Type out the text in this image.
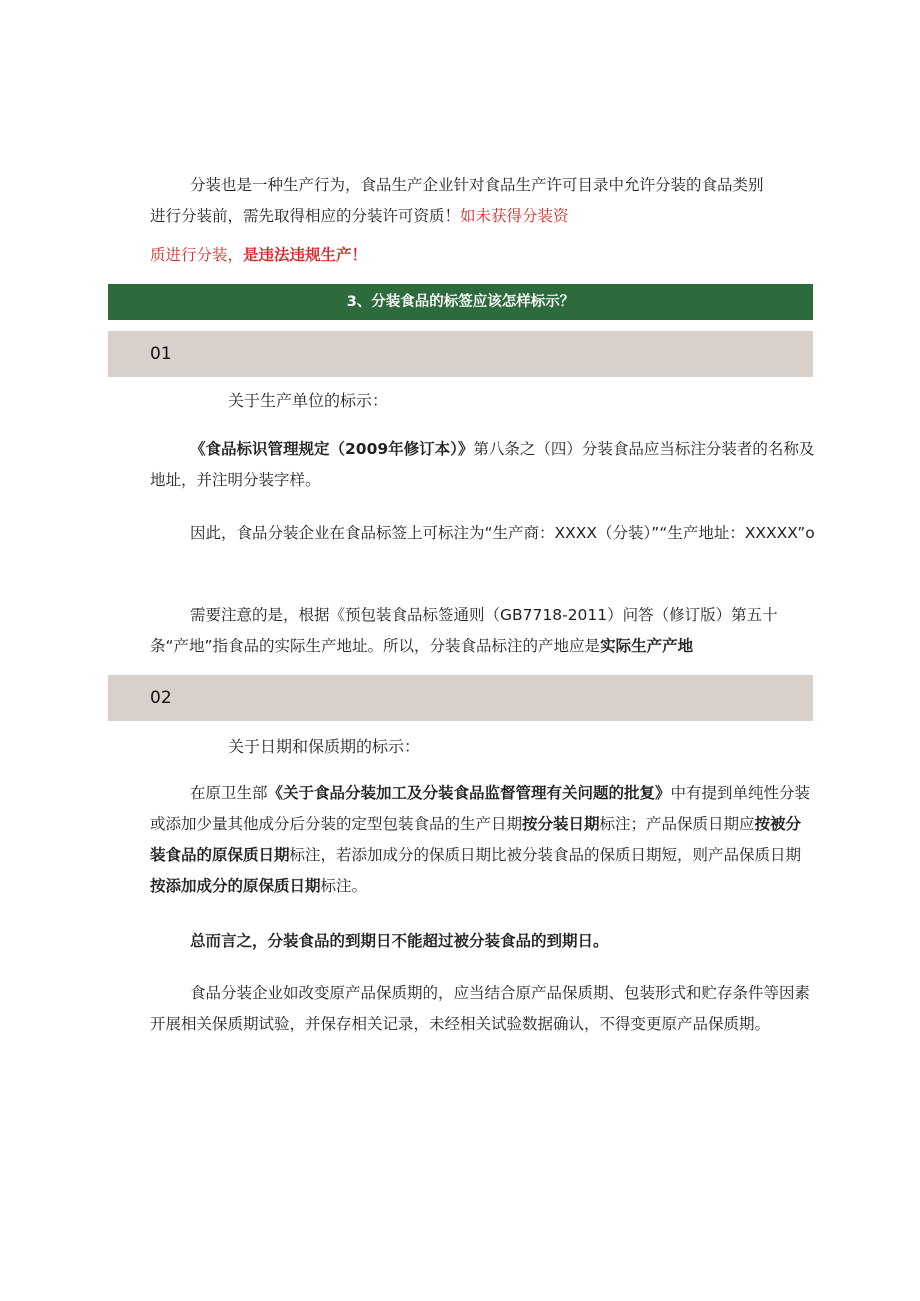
分装也是一种生产行为，食品生产企业针对食品生产许可目录中允许分装的食品类别
进行分装前，需先取得相应的分装许可资质！如未获得分装资

质进行分装，是违法违规生产！

3、分装食品的标签应该怎样标示？
01
关于生产单位的标示：

《食品标识管理规定（2009年修订本）》第八条之（四）分装食品应当标注分装者的名称及地址，并注明分装字样。

因此，食品分装企业在食品标签上可标注为“生产商：XXXX（分装）”“生产地址：XXXXX”o

需要注意的是，根据《预包装食品标签通则（GB7718-2011）问答（修订版）第五十条“产地”指食品的实际生产地址。所以，分装食品标注的产地应是实际生产产地

02
关于日期和保质期的标示：

在原卫生部《关于食品分装加工及分装食品监督管理有关问题的批复》中有提到单纯性分装或添加少量其他成分后分装的定型包装食品的生产日期按分装日期标注；产品保质日期应按被分装食品的原保质日期标注，若添加成分的保质日期比被分装食品的保质日期短，则产品保质日期按添加成分的原保质日期标注。

总而言之，分装食品的到期日不能超过被分装食品的到期日。

食品分装企业如改变原产品保质期的，应当结合原产品保质期、包装形式和贮存条件等因素开展相关保质期试验，并保存相关记录，未经相关试验数据确认，不得变更原产品保质期。
